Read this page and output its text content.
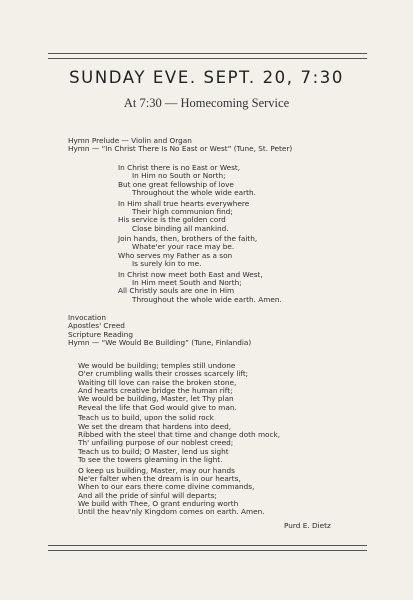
SUNDAY EVE. SEPT. 20, 7:30
At 7:30 — Homecoming Service
Hymn Prelude — Violin and Organ
Hymn — “In Christ There Is No East or West” (Tune, St. Peter)
In Christ there is no East or West,
In Him no South or North;
But one great fellowship of love
Throughout the whole wide earth.
In Him shall true hearts everywhere
Their high communion find;
His service is the golden cord
Close binding all mankind.
Join hands, then, brothers of the faith,
Whate'er your race may be.
Who serves my Father as a son
Is surely kin to me.
In Christ now meet both East and West,
In Him meet South and North;
All Christly souls are one in Him
Throughout the whole wide earth. Amen.
Invocation
Apostles' Creed
Scripture Reading
Hymn — “We Would Be Building” (Tune, Finlandia)
We would be building; temples still undone
O'er crumbling walls their crosses scarcely lift;
Waiting till love can raise the broken stone,
And hearts creative bridge the human rift;
We would be building, Master, let Thy plan
Reveal the life that God would give to man.
Teach us to build, upon the solid rock
We set the dream that hardens into deed,
Ribbed with the steel that time and change doth mock,
Th' unfailing purpose of our noblest creed;
Teach us to build; O Master, lend us sight
To see the towers gleaming in the light.
O keep us building, Master, may our hands
Ne'er falter when the dream is in our hearts,
When to our ears there come divine commands,
And all the pride of sinful will departs;
We build with Thee, O grant enduring worth
Until the heav'nly Kingdom comes on earth. Amen.
Purd E. Dietz
